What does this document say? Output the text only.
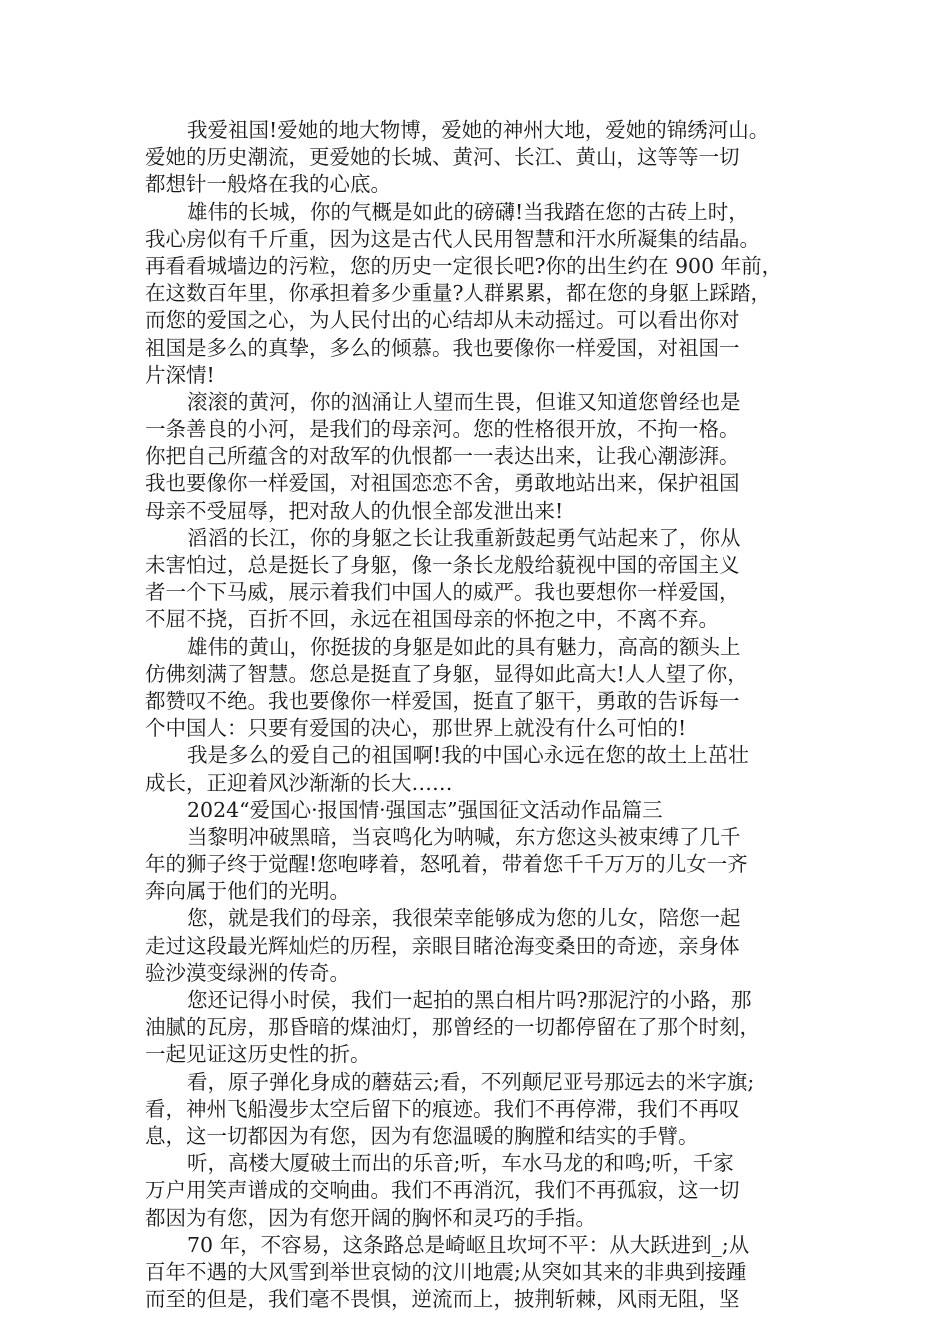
我爱祖国!爱她的地大物博，爱她的神州大地，爱她的锦绣河山。
爱她的历史潮流，更爱她的长城、黄河、长江、黄山，这等等一切
都想针一般烙在我的心底。
雄伟的长城，你的气概是如此的磅礴!当我踏在您的古砖上时，
我心房似有千斤重，因为这是古代人民用智慧和汗水所凝集的结晶。
再看看城墙边的污粒，您的历史一定很长吧?你的出生约在 900 年前，
在这数百年里，你承担着多少重量?人群累累，都在您的身躯上踩踏，
而您的爱国之心，为人民付出的心结却从未动摇过。可以看出你对
祖国是多么的真挚，多么的倾慕。我也要像你一样爱国，对祖国一
片深情!
滚滚的黄河，你的汹涌让人望而生畏，但谁又知道您曾经也是
一条善良的小河，是我们的母亲河。您的性格很开放，不拘一格。
你把自己所蕴含的对敌军的仇恨都一一表达出来，让我心潮澎湃。
我也要像你一样爱国，对祖国恋恋不舍，勇敢地站出来，保护祖国
母亲不受屈辱，把对敌人的仇恨全部发泄出来!
滔滔的长江，你的身躯之长让我重新鼓起勇气站起来了，你从
未害怕过，总是挺长了身躯，像一条长龙般给藐视中国的帝国主义
者一个下马威，展示着我们中国人的威严。我也要想你一样爱国，
不屈不挠，百折不回，永远在祖国母亲的怀抱之中，不离不弃。
雄伟的黄山，你挺拔的身躯是如此的具有魅力，高高的额头上
仿佛刻满了智慧。您总是挺直了身躯，显得如此高大!人人望了你，
都赞叹不绝。我也要像你一样爱国，挺直了躯干，勇敢的告诉每一
个中国人：只要有爱国的决心，那世界上就没有什么可怕的!
我是多么的爱自己的祖国啊!我的中国心永远在您的故土上茁壮
成长，正迎着风沙渐渐的长大……
2024“爱国心·报国情·强国志”强国征文活动作品篇三
当黎明冲破黑暗，当哀鸣化为呐喊，东方您这头被束缚了几千
年的狮子终于觉醒!您咆哮着，怒吼着，带着您千千万万的儿女一齐
奔向属于他们的光明。
您，就是我们的母亲，我很荣幸能够成为您的儿女，陪您一起
走过这段最光辉灿烂的历程，亲眼目睹沧海变桑田的奇迹，亲身体
验沙漠变绿洲的传奇。
您还记得小时侯，我们一起拍的黑白相片吗?那泥泞的小路，那
油腻的瓦房，那昏暗的煤油灯，那曾经的一切都停留在了那个时刻，
一起见证这历史性的折。
看，原子弹化身成的蘑菇云;看，不列颠尼亚号那远去的米字旗;
看，神州飞船漫步太空后留下的痕迹。我们不再停滞，我们不再叹
息，这一切都因为有您，因为有您温暖的胸膛和结实的手臂。
听，高楼大厦破土而出的乐音;听，车水马龙的和鸣;听，千家
万户用笑声谱成的交响曲。我们不再消沉，我们不再孤寂，这一切
都因为有您，因为有您开阔的胸怀和灵巧的手指。
70 年，不容易，这条路总是崎岖且坎坷不平：从大跃进到_;从
百年不遇的大风雪到举世哀恸的汶川地震;从突如其来的非典到接踵
而至的但是，我们毫不畏惧，逆流而上，披荆斩棘，风雨无阻，坚
